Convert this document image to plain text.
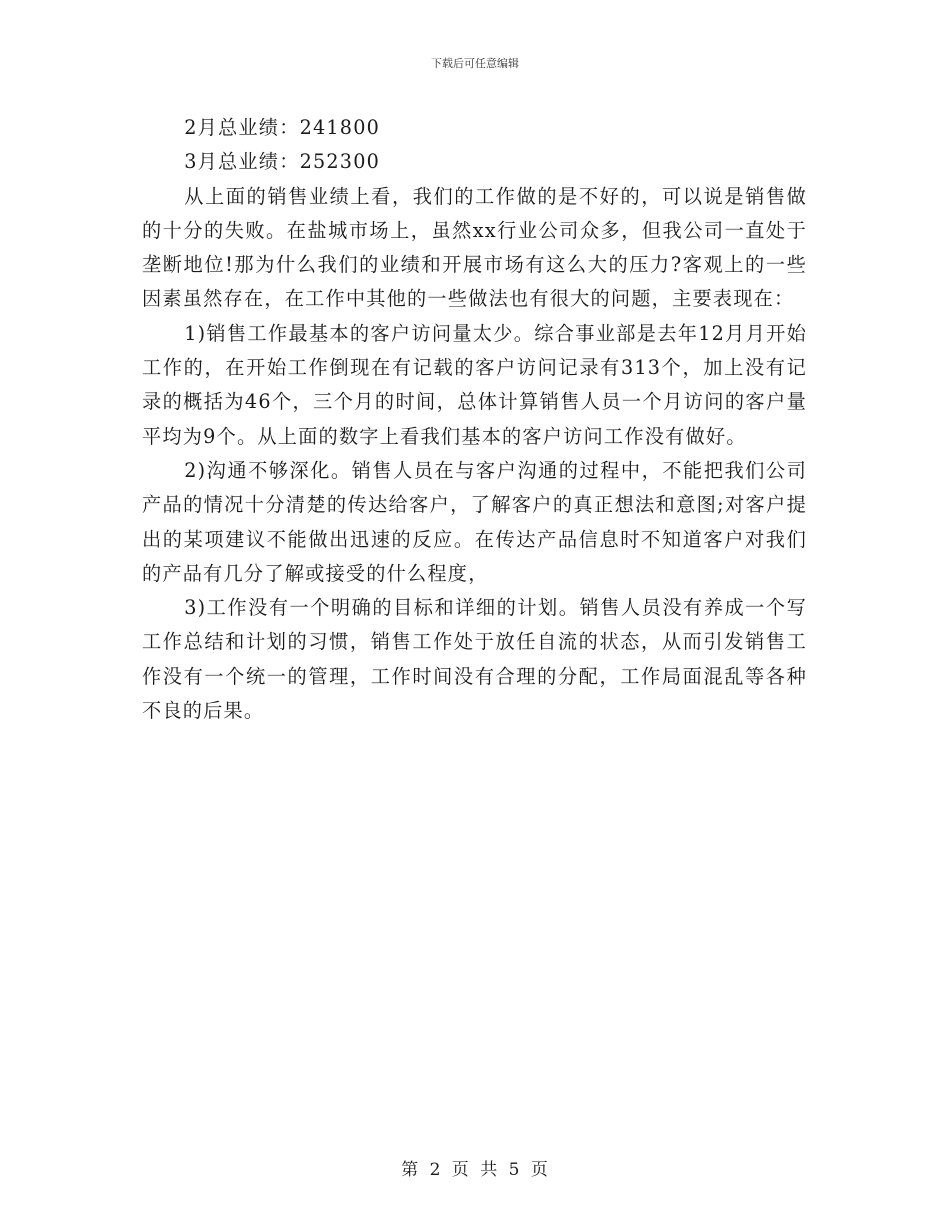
下载后可任意编辑

2月总业绩：241800

3月总业绩：252300

从上面的销售业绩上看，我们的工作做的是不好的，可以说是销售做的十分的失败。在盐城市场上，虽然xx行业公司众多，但我公司一直处于垄断地位!那为什么我们的业绩和开展市场有这么大的压力?客观上的一些因素虽然存在，在工作中其他的一些做法也有很大的问题，主要表现在：

1)销售工作最基本的客户访问量太少。综合事业部是去年12月月开始工作的，在开始工作倒现在有记载的客户访问记录有313个，加上没有记录的概括为46个，三个月的时间，总体计算销售人员一个月访问的客户量平均为9个。从上面的数字上看我们基本的客户访问工作没有做好。

2)沟通不够深化。销售人员在与客户沟通的过程中，不能把我们公司产品的情况十分清楚的传达给客户，了解客户的真正想法和意图;对客户提出的某项建议不能做出迅速的反应。在传达产品信息时不知道客户对我们的产品有几分了解或接受的什么程度，

3)工作没有一个明确的目标和详细的计划。销售人员没有养成一个写工作总结和计划的习惯，销售工作处于放任自流的状态，从而引发销售工作没有一个统一的管理，工作时间没有合理的分配，工作局面混乱等各种不良的后果。

第 2 页 共 5 页
